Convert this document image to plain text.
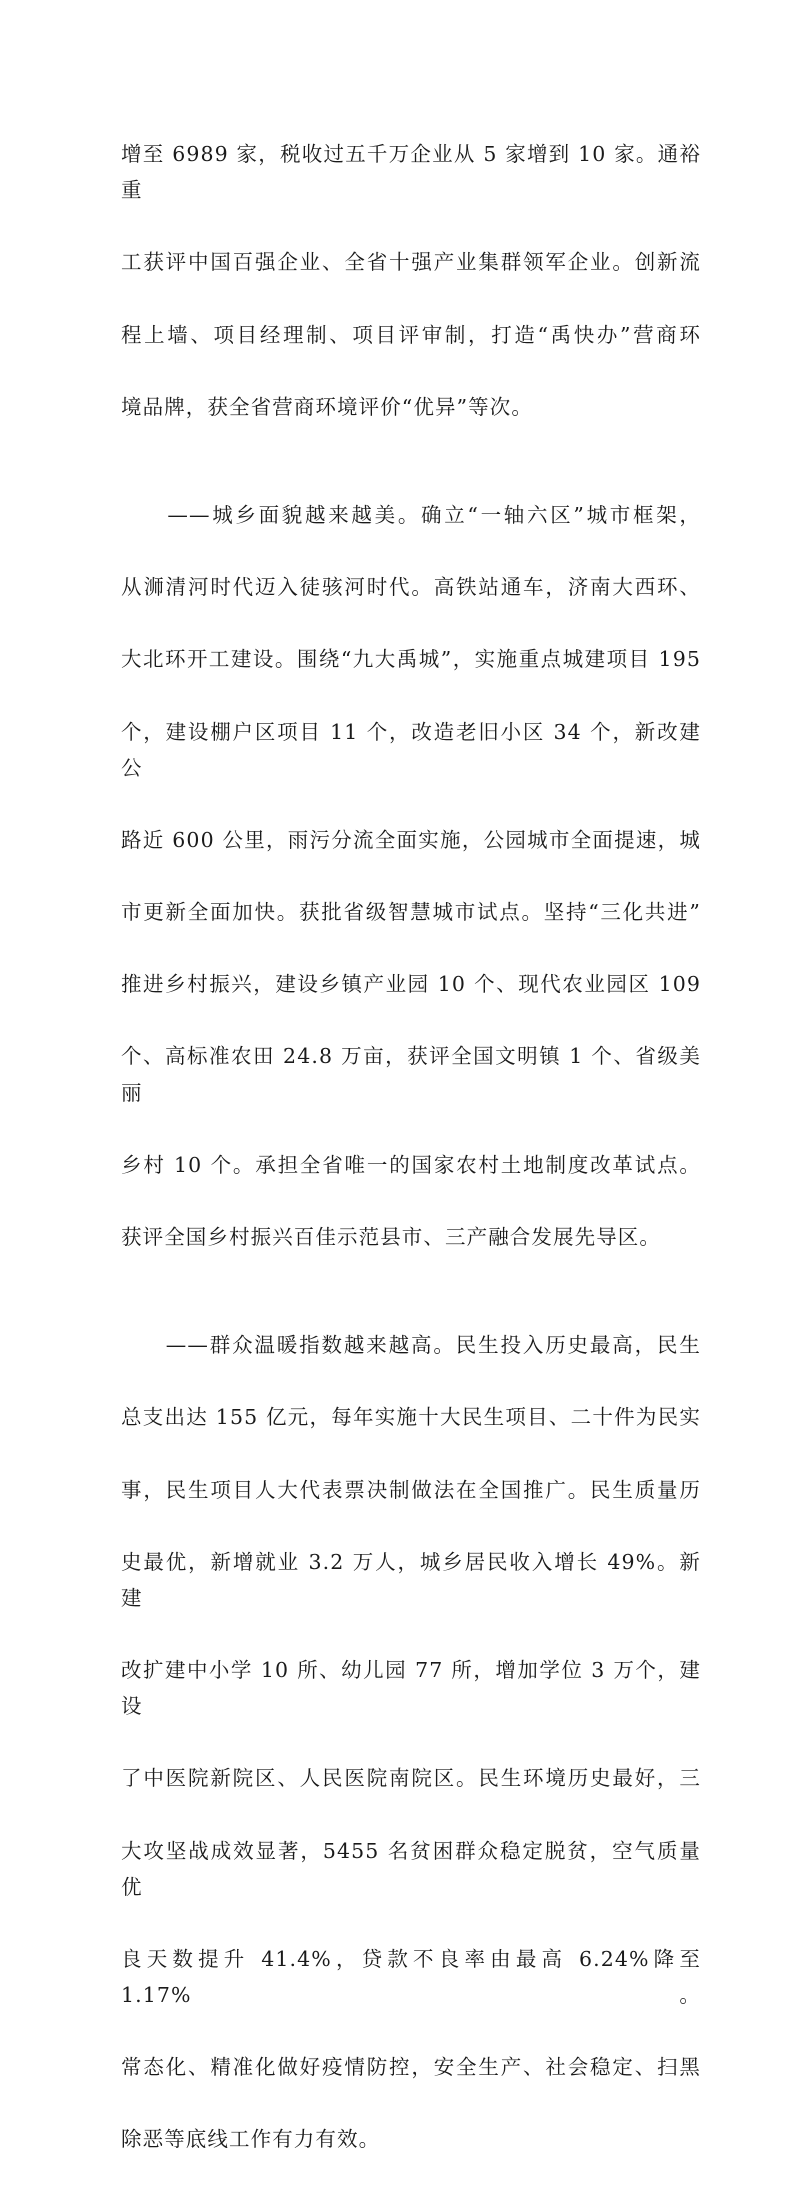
增至 6989 家，税收过五千万企业从 5 家增到 10 家。通裕重

工获评中国百强企业、全省十强产业集群领军企业。创新流

程上墙、项目经理制、项目评审制，打造“禹快办”营商环

境品牌，获全省营商环境评价“优异”等次。

　　——城乡面貌越来越美。确立“一轴六区”城市框架，

从浉清河时代迈入徒骇河时代。高铁站通车，济南大西环、

大北环开工建设。围绕“九大禹城”，实施重点城建项目 195

个，建设棚户区项目 11 个，改造老旧小区 34 个，新改建公

路近 600 公里，雨污分流全面实施，公园城市全面提速，城

市更新全面加快。获批省级智慧城市试点。坚持“三化共进”

推进乡村振兴，建设乡镇产业园 10 个、现代农业园区 109

个、高标准农田 24.8 万亩，获评全国文明镇 1 个、省级美丽

乡村 10 个。承担全省唯一的国家农村土地制度改革试点。

获评全国乡村振兴百佳示范县市、三产融合发展先导区。

　　——群众温暖指数越来越高。民生投入历史最高，民生

总支出达 155 亿元，每年实施十大民生项目、二十件为民实

事，民生项目人大代表票决制做法在全国推广。民生质量历

史最优，新增就业 3.2 万人，城乡居民收入增长 49%。新建

改扩建中小学 10 所、幼儿园 77 所，增加学位 3 万个，建设

了中医院新院区、人民医院南院区。民生环境历史最好，三

大攻坚战成效显著，5455 名贫困群众稳定脱贫，空气质量优

良天数提升 41.4%，贷款不良率由最高 6.24%降至 1.17%。

常态化、精准化做好疫情防控，安全生产、社会稳定、扫黑

除恶等底线工作有力有效。
